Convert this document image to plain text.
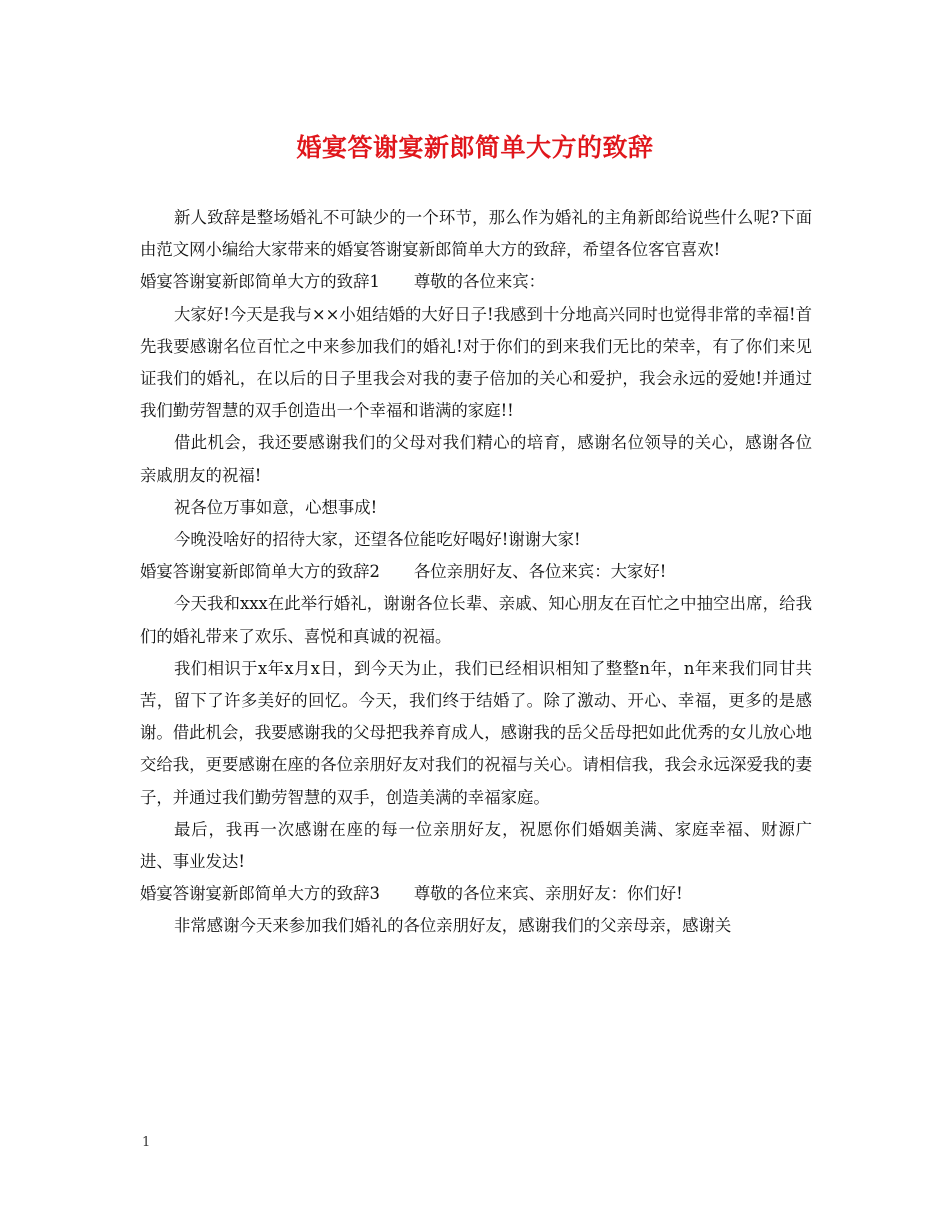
婚宴答谢宴新郎简单大方的致辞

新人致辞是整场婚礼不可缺少的一个环节，那么作为婚礼的主角新郎给说些什么呢?下面由范文网小编给大家带来的婚宴答谢宴新郎简单大方的致辞，希望各位客官喜欢!

婚宴答谢宴新郎简单大方的致辞1 尊敬的各位来宾：

大家好!今天是我与××小姐结婚的大好日子!我感到十分地高兴同时也觉得非常的幸福!首先我要感谢名位百忙之中来参加我们的婚礼!对于你们的到来我们无比的荣幸，有了你们来见证我们的婚礼，在以后的日子里我会对我的妻子倍加的关心和爱护，我会永远的爱她!并通过我们勤劳智慧的双手创造出一个幸福和谐满的家庭!!

借此机会，我还要感谢我们的父母对我们精心的培育，感谢名位领导的关心，感谢各位亲戚朋友的祝福!

祝各位万事如意，心想事成!

今晚没啥好的招待大家，还望各位能吃好喝好!谢谢大家!

婚宴答谢宴新郎简单大方的致辞2 各位亲朋好友、各位来宾：大家好!

今天我和xxx在此举行婚礼，谢谢各位长辈、亲戚、知心朋友在百忙之中抽空出席，给我们的婚礼带来了欢乐、喜悦和真诚的祝福。

我们相识于x年x月x日，到今天为止，我们已经相识相知了整整n年，n年来我们同甘共苦，留下了许多美好的回忆。今天，我们终于结婚了。除了激动、开心、幸福，更多的是感谢。借此机会，我要感谢我的父母把我养育成人，感谢我的岳父岳母把如此优秀的女儿放心地交给我，更要感谢在座的各位亲朋好友对我们的祝福与关心。请相信我，我会永远深爱我的妻子，并通过我们勤劳智慧的双手，创造美满的幸福家庭。

最后，我再一次感谢在座的每一位亲朋好友，祝愿你们婚姻美满、家庭幸福、财源广进、事业发达!

婚宴答谢宴新郎简单大方的致辞3 尊敬的各位来宾、亲朋好友：你们好!

非常感谢今天来参加我们婚礼的各位亲朋好友，感谢我们的父亲母亲，感谢关

1
